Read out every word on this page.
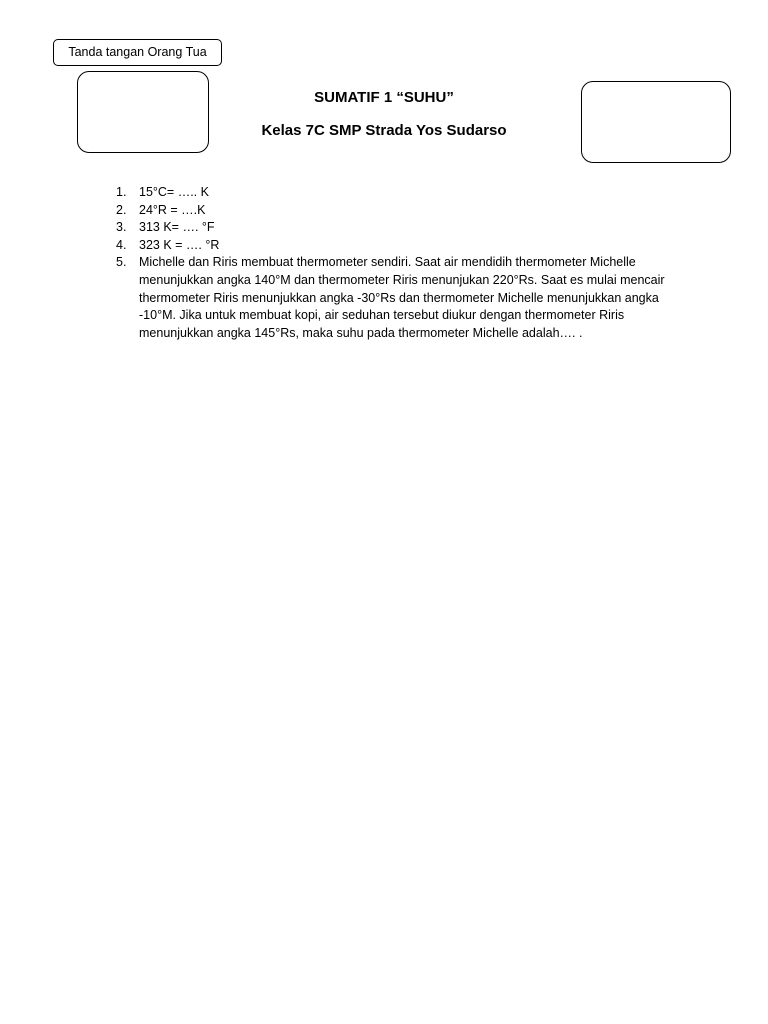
Tanda tangan Orang Tua
SUMATIF 1 “SUHU”
Kelas 7C SMP Strada Yos Sudarso
1. 15°C= ….. K
2. 24°R = ….K
3. 313 K= …. °F
4. 323 K = …. °R
5. Michelle dan Riris membuat thermometer sendiri. Saat air mendidih thermometer Michelle menunjukkan angka 140°M dan thermometer Riris menunjukan 220°Rs. Saat es mulai mencair thermometer Riris menunjukkan angka -30°Rs dan thermometer Michelle menunjukkan angka -10°M. Jika untuk membuat kopi, air seduhan tersebut diukur dengan thermometer Riris menunjukkan angka 145°Rs, maka suhu pada thermometer Michelle adalah…. .
